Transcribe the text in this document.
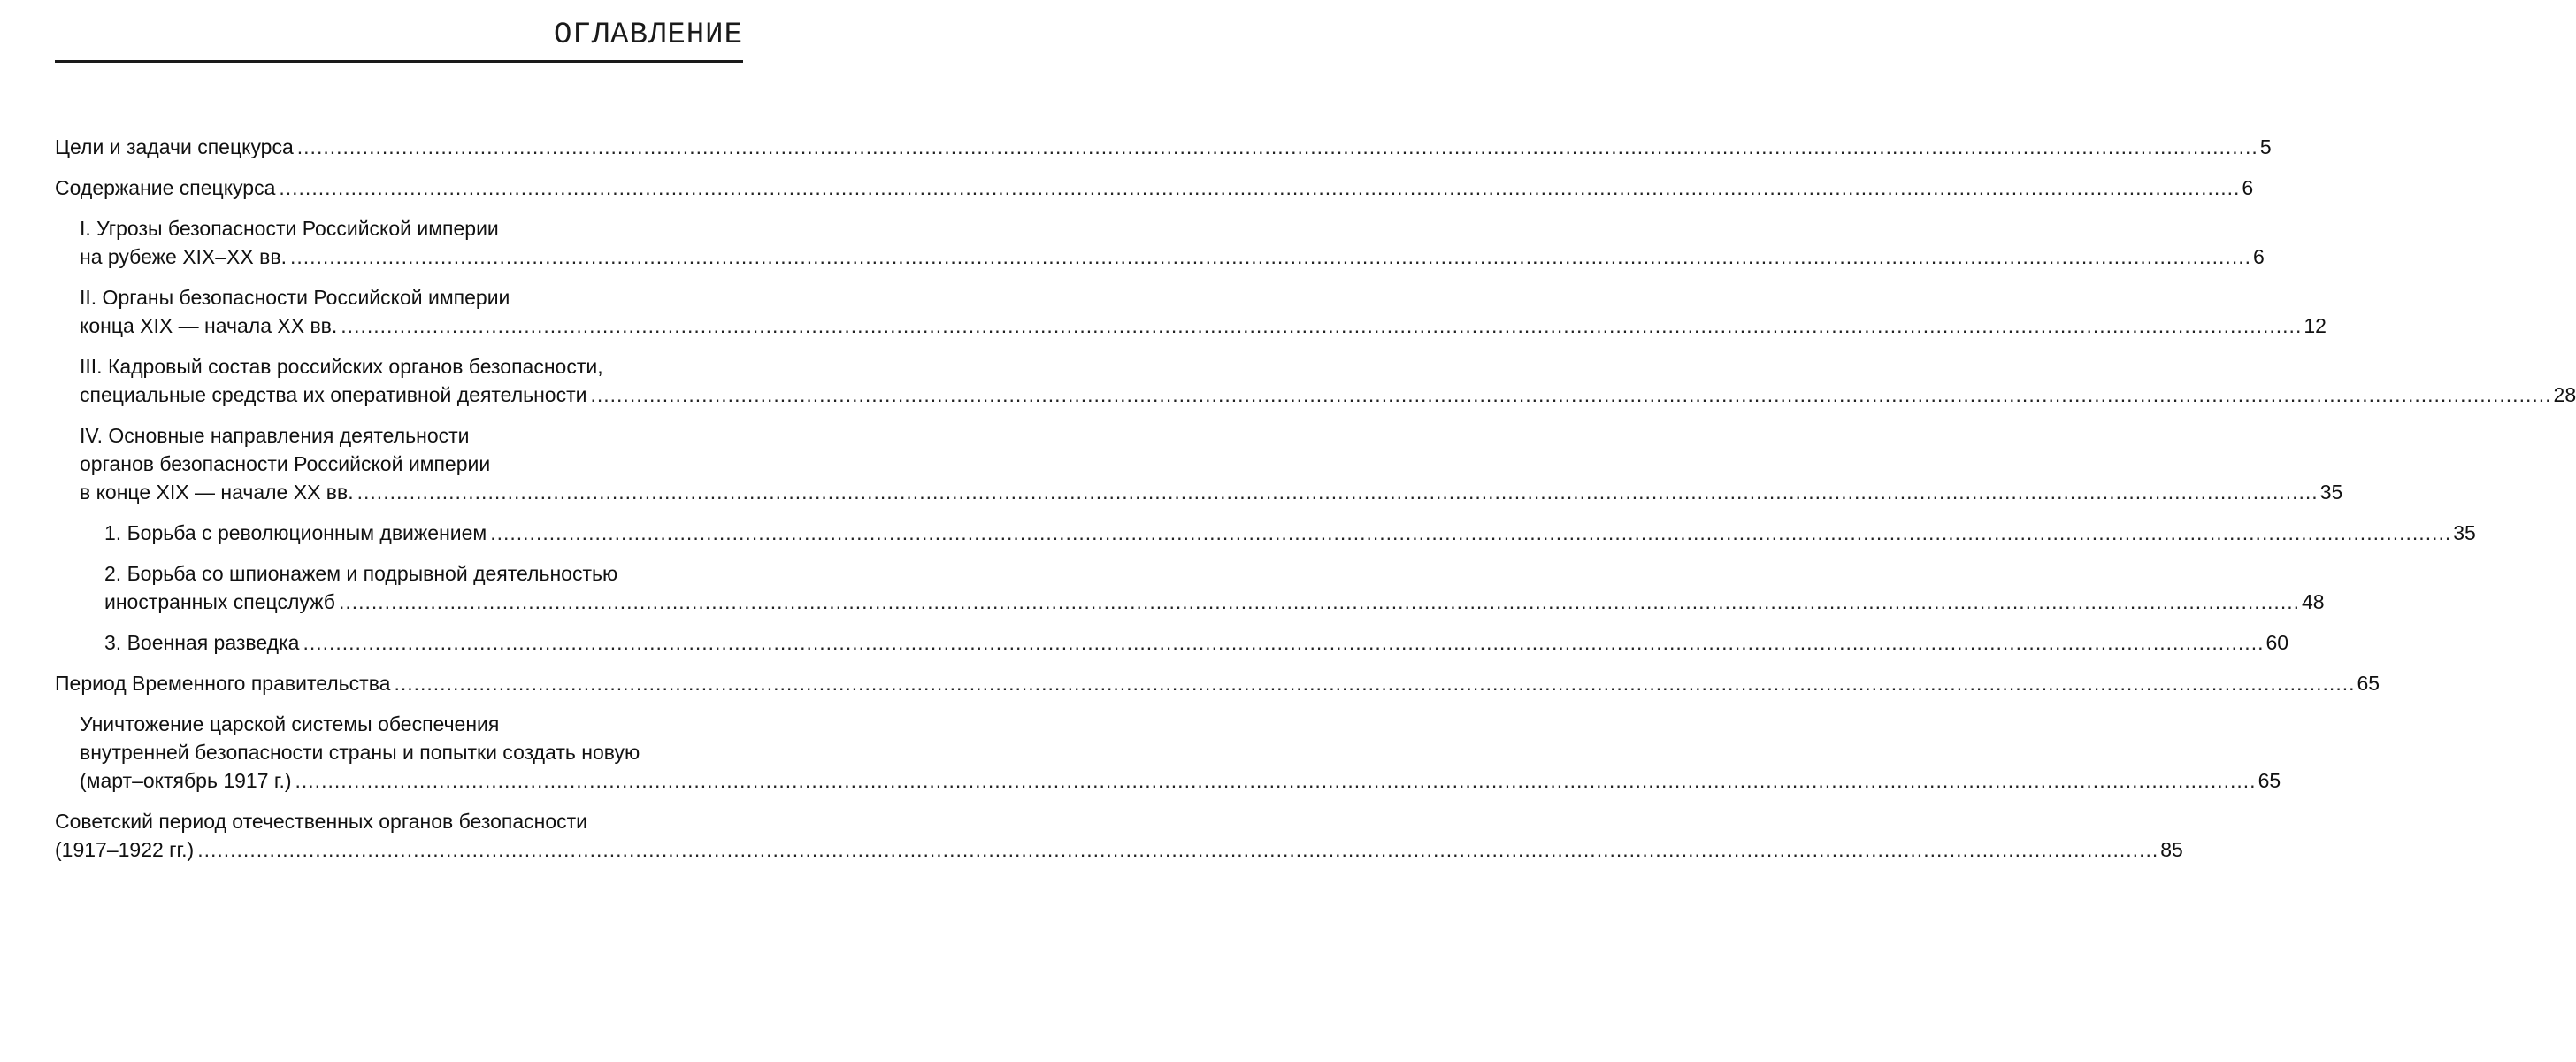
ОГЛАВЛЕНИЕ
Цели и задачи спецкурса ............................................................................................................................................................................................................................................................................................................ 5
Содержание спецкурса ............................................................................................................................................................................................................................................................................................................ 6
I. Угрозы безопасности Российской империи
на рубеже XIX–XX вв. ............................................................................................................................................................................................................................................................................................................ 6
II. Органы безопасности Российской империи
конца XIX — начала XX вв. ............................................................................................................................................................................................................................................................................................................ 12
III. Кадровый состав российских органов безопасности,
специальные средства их оперативной деятельности ............................................................................................................................................................................................................................................................................................................ 28
IV. Основные направления деятельности
органов безопасности Российской империи
в конце XIX — начале XX вв. ............................................................................................................................................................................................................................................................................................................ 35
1. Борьба с революционным движением ............................................................................................................................................................................................................................................................................................................ 35
2. Борьба со шпионажем и подрывной деятельностью
иностранных спецслужб ............................................................................................................................................................................................................................................................................................................ 48
3. Военная разведка ............................................................................................................................................................................................................................................................................................................ 60
Период Временного правительства ............................................................................................................................................................................................................................................................................................................ 65
Уничтожение царской системы обеспечения
внутренней безопасности страны и попытки создать новую
(март–октябрь 1917 г.) ............................................................................................................................................................................................................................................................................................................ 65
Советский период отечественных органов безопасности
(1917–1922 гг.) ............................................................................................................................................................................................................................................................................................................ 85
